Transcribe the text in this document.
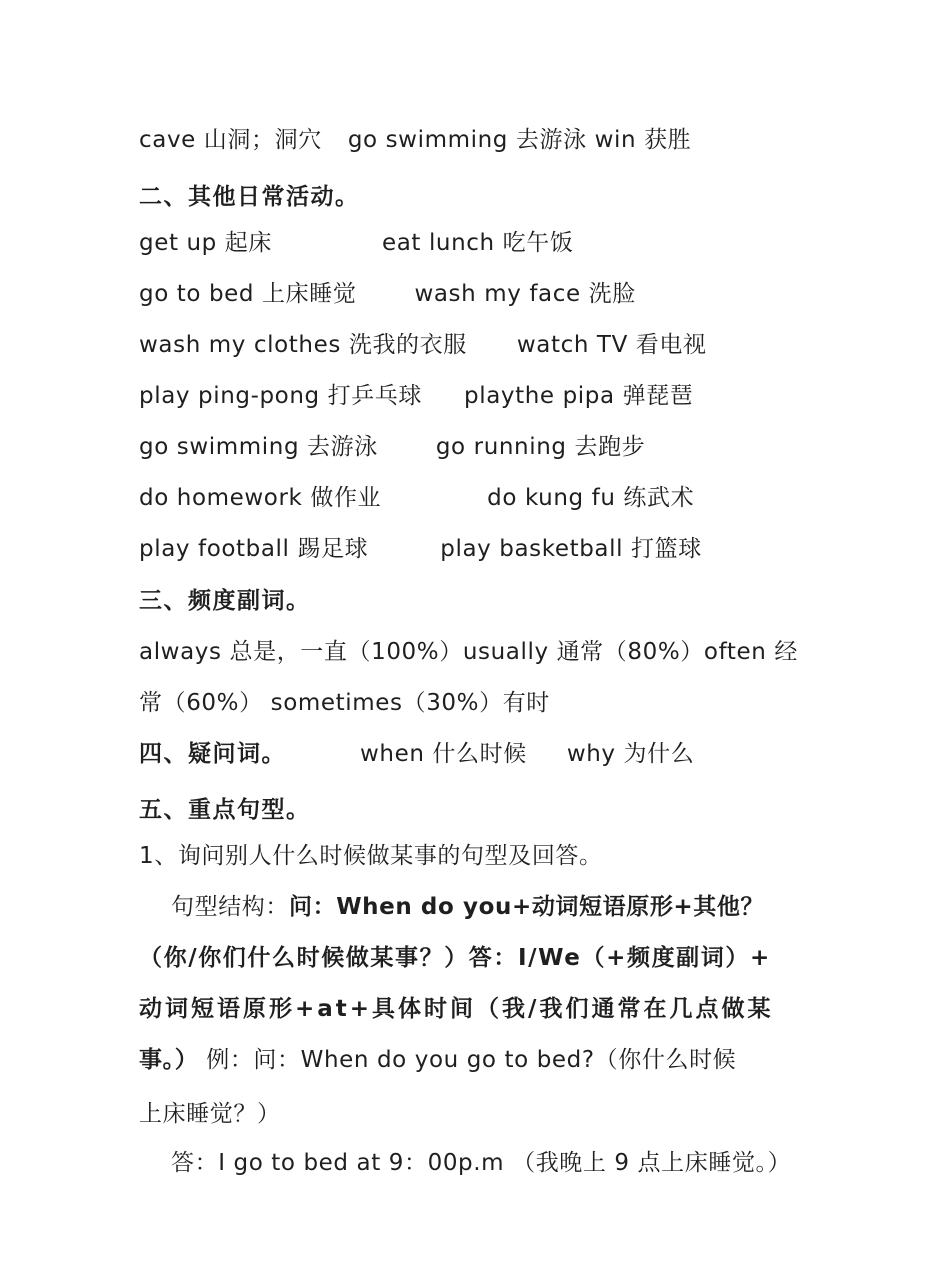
cave 山洞；洞穴 go swimming 去游泳 win 获胜
二、其他日常活动。
get up 起床	eat lunch 吃午饭
go to bed 上床睡觉	wash my face 洗脸
wash my clothes 洗我的衣服 watch TV 看电视
play ping-pong 打乒乓球 playthe pipa 弹琵琶
go swimming 去游泳	go running 去跑步
do homework 做作业	do kung fu 练武术
play football 踢足球	play basketball 打篮球
三、频度副词。
always 总是，一直（100%）usually 通常（80%）often 经
常（60%） sometimes（30%）有时
四、疑问词。	when 什么时候 why 为什么
五、重点句型。
1、询问别人什么时候做某事的句型及回答。
句型结构：问：When do you+动词短语原形+其他？
（你/你们什么时候做某事？）答：I/We（+频度副词）+
动词短语原形+at+具体时间（我/我们通常在几点做某
事。） 例：问：When do you go to bed?（你什么时候
上床睡觉？）
答：I go to bed at 9：00p.m （我晚上 9 点上床睡觉。）
